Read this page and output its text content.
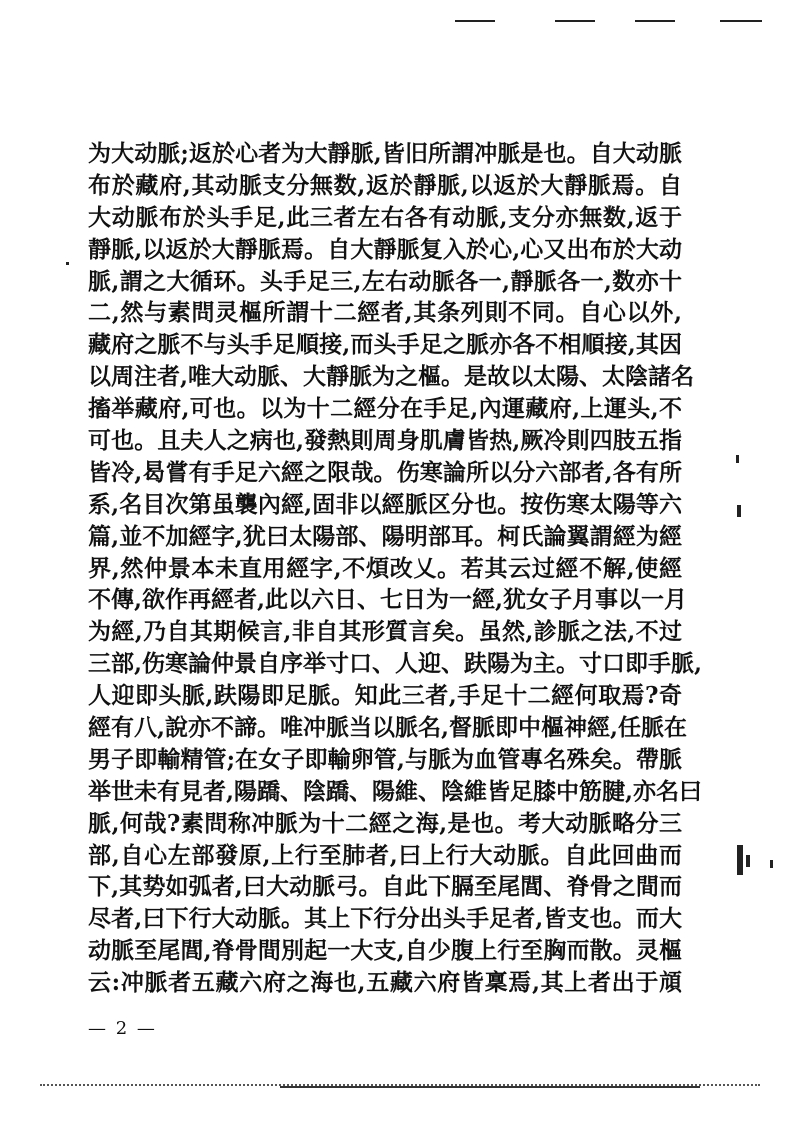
为大动脈;返於心者为大靜脈,皆旧所謂冲脈是也。自大动脈
布於藏府,其动脈支分無数,返於靜脈,以返於大靜脈焉。自
大动脈布於头手足,此三者左右各有动脈,支分亦無数,返于
靜脈,以返於大靜脈焉。自大靜脈复入於心,心又出布於大动
脈,謂之大循环。头手足三,左右动脈各一,靜脈各一,数亦十
二,然与素問灵樞所謂十二經者,其条列則不同。自心以外,
藏府之脈不与头手足順接,而头手足之脈亦各不相順接,其因
以周注者,唯大动脈、大靜脈为之樞。是故以太陽、太陰諸名
搐举藏府,可也。以为十二經分在手足,內運藏府,上運头,不
可也。且夫人之病也,發熱則周身肌膚皆热,厥冷則四肢五指
皆冷,曷嘗有手足六經之限哉。伤寒論所以分六部者,各有所
系,名目次第虽襲內經,固非以經脈区分也。按伤寒太陽等六
篇,並不加經字,犹曰太陽部、陽明部耳。柯氏論翼謂經为經
界,然仲景本未直用經字,不煩改乂。若其云过經不解,使經
不傳,欲作再經者,此以六日、七日为一經,犹女子月事以一月
为經,乃自其期候言,非自其形質言矣。虽然,診脈之法,不过
三部,伤寒論仲景自序举寸口、人迎、趺陽为主。寸口即手脈,
人迎即头脈,趺陽即足脈。知此三者,手足十二經何取焉?奇
經有八,說亦不諦。唯冲脈当以脈名,督脈即中樞神經,任脈在
男子即輸精管;在女子即輸卵管,与脈为血管專名殊矣。帶脈
举世未有見者,陽蹻、陰蹻、陽維、陰維皆足膝中筋腱,亦名曰
脈,何哉?素問称冲脈为十二經之海,是也。考大动脈略分三
部,自心左部發原,上行至肺者,曰上行大动脈。自此回曲而
下,其势如弧者,曰大动脈弓。自此下膈至尾閭、脊骨之間而
尽者,曰下行大动脈。其上下行分出头手足者,皆支也。而大
动脈至尾閭,脊骨間別起一大支,自少腹上行至胸而散。灵樞
云:冲脈者五藏六府之海也,五藏六府皆稟焉,其上者出于頏
— 2 —
